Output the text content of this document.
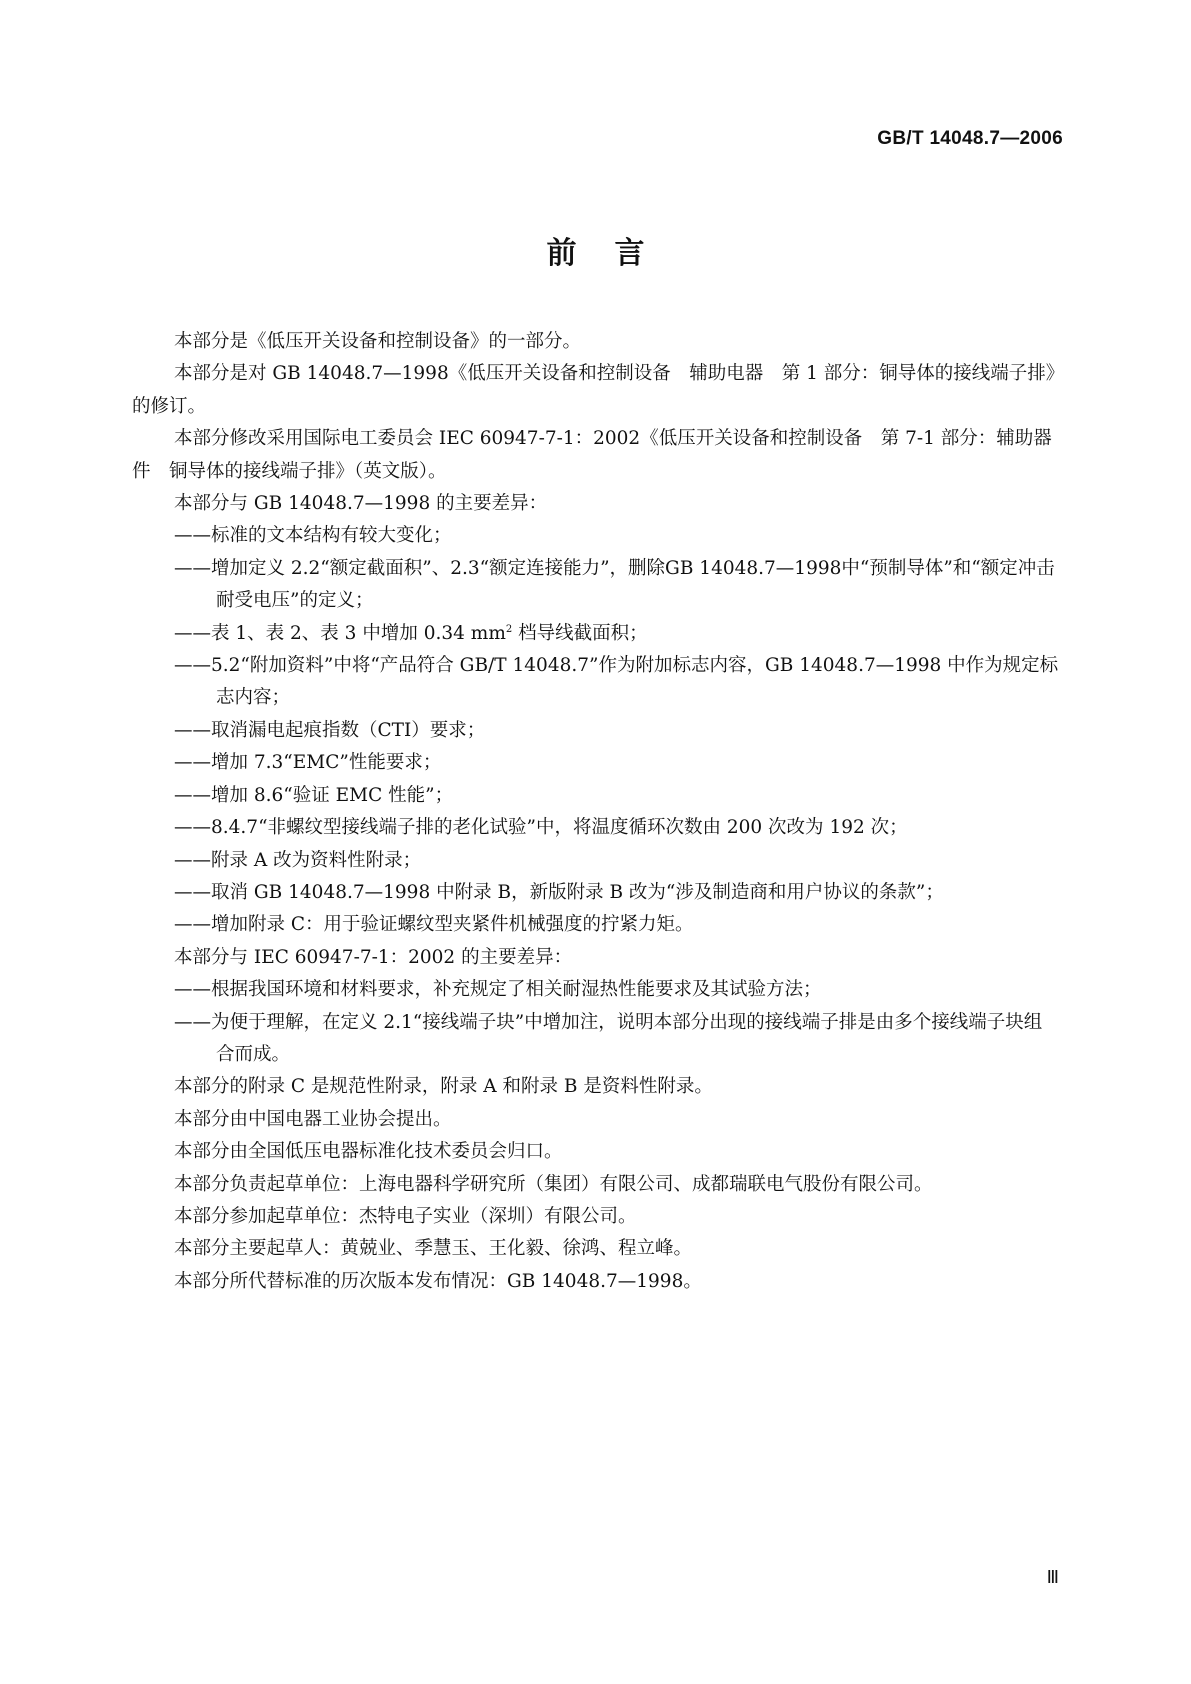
GB/T 14048.7—2006
前言
本部分是《低压开关设备和控制设备》的一部分。
本部分是对 GB 14048.7—1998《低压开关设备和控制设备　辅助电器　第 1 部分：铜导体的接线端子排》的修订。
本部分修改采用国际电工委员会 IEC 60947-7-1：2002《低压开关设备和控制设备　第 7-1 部分：辅助器件　铜导体的接线端子排》（英文版）。
本部分与 GB 14048.7—1998 的主要差异：
——标准的文本结构有较大变化；
——增加定义 2.2“额定截面积”、2.3“额定连接能力”，删除GB 14048.7—1998中“预制导体”和“额定冲击耐受电压”的定义；
——表 1、表 2、表 3 中增加 0.34 $mm^2$ 档导线截面积；
——5.2“附加资料”中将“产品符合 GB/T 14048.7”作为附加标志内容，GB 14048.7—1998 中作为规定标志内容；
——取消漏电起痕指数（CTI）要求；
——增加 7.3“EMC”性能要求；
——增加 8.6“验证 EMC 性能”；
——8.4.7“非螺纹型接线端子排的老化试验”中，将温度循环次数由 200 次改为 192 次；
——附录 A 改为资料性附录；
——取消 GB 14048.7—1998 中附录 B，新版附录 B 改为“涉及制造商和用户协议的条款”；
——增加附录 C：用于验证螺纹型夹紧件机械强度的拧紧力矩。
本部分与 IEC 60947-7-1：2002 的主要差异：
——根据我国环境和材料要求，补充规定了相关耐湿热性能要求及其试验方法；
——为便于理解，在定义 2.1“接线端子块”中增加注，说明本部分出现的接线端子排是由多个接线端子块组合而成。
本部分的附录 C 是规范性附录，附录 A 和附录 B 是资料性附录。
本部分由中国电器工业协会提出。
本部分由全国低压电器标准化技术委员会归口。
本部分负责起草单位：上海电器科学研究所（集团）有限公司、成都瑞联电气股份有限公司。
本部分参加起草单位：杰特电子实业（深圳）有限公司。
本部分主要起草人：黄兢业、季慧玉、王化毅、徐鸿、程立峰。
本部分所代替标准的历次版本发布情况：GB 14048.7—1998。
Ⅲ
